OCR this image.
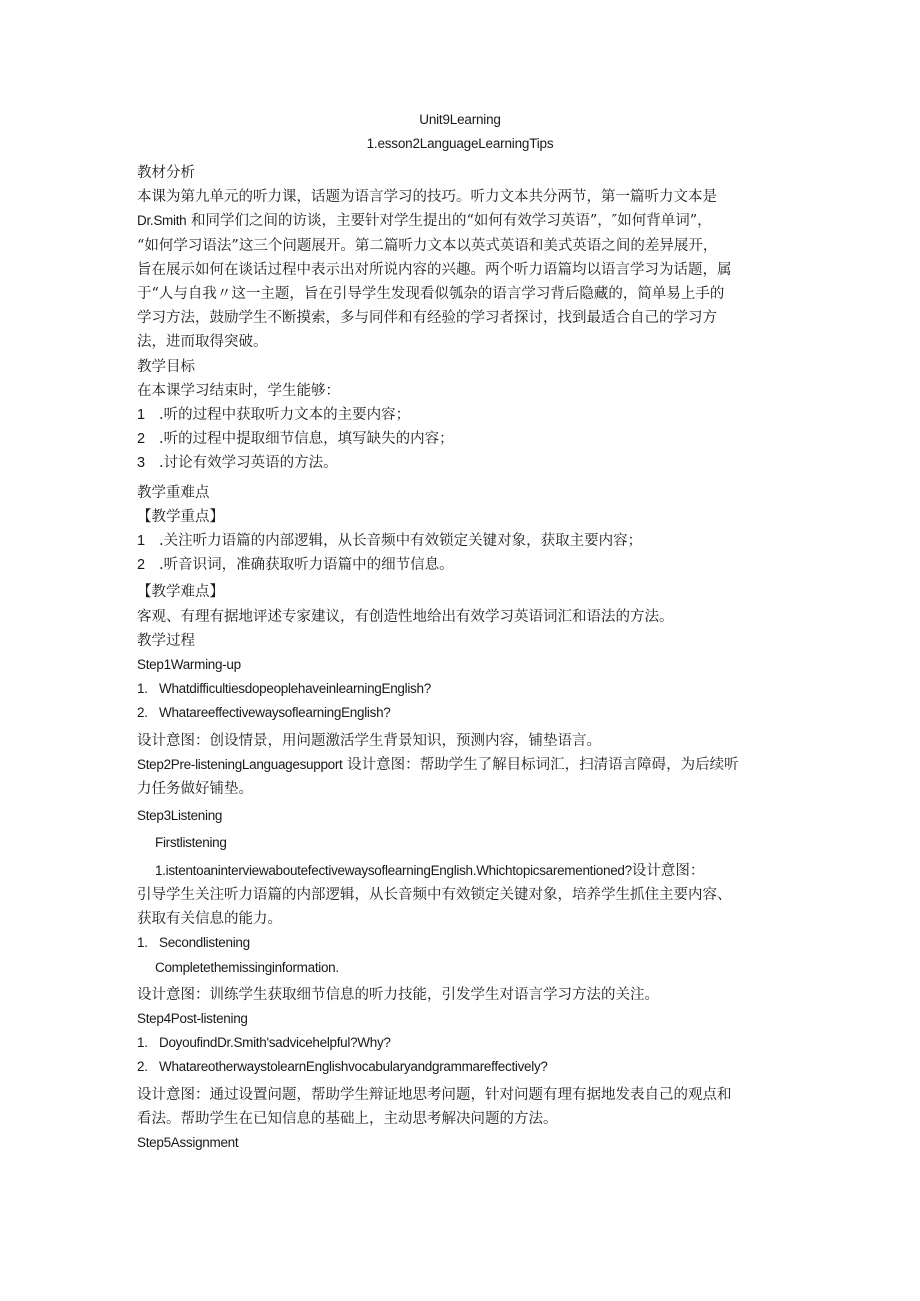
Unit9Learning
1.esson2LanguageLearningTips
教材分析
本课为第九单元的听力课，话题为语言学习的技巧。听力文本共分两节，第一篇听力文本是
Dr.Smith 和同学们之间的访谈，主要针对学生提出的“如何有效学习英语”，″如何背单词”，
“如何学习语法”这三个问题展开。第二篇听力文本以英式英语和美式英语之间的差异展开，
旨在展示如何在谈话过程中表示出对所说内容的兴趣。两个听力语篇均以语言学习为话题，属
于“人与自我〃这一主题，旨在引导学生发现看似瓠杂的语言学习背后隐藏的，简单易上手的
学习方法，鼓励学生不断摸索，多与同伴和有经验的学习者探讨，找到最适合自己的学习方
法，进而取得突破。
教学目标
在本课学习结束时，学生能够：
1 .听的过程中获取听力文本的主要内容；
2 .听的过程中提取细节信息，填写缺失的内容；
3 .讨论有效学习英语的方法。
教学重难点
【教学重点】
1 .关注听力语篇的内部逻辑，从长音频中有效锁定关键对象，获取主要内容；
2 .听音识词，准确获取听力语篇中的细节信息。
【教学难点】
客观、有理有据地评述专家建议，有创造性地给出有效学习英语词汇和语法的方法。
教学过程
Step1Warming-up
1. WhatdifficultiesdopeoplehaveinlearningEnglish?
2. WhatareeffectivewaysoflearningEnglish?
设计意图：创设情景，用问题激活学生背景知识，预测内容，铺垫语言。
Step2Pre-listeningLanguagesupport 设计意图：帮助学生了解目标词汇，扫清语言障碍，为后续听
力任务做好铺垫。
Step3Listening
Firstlistening
1.istentoaninterviewaboutefectivewaysoflearningEnglish.Whichtopicsarementioned?设计意图：
引导学生关注听力语篇的内部逻辑，从长音频中有效锁定关键对象，培养学生抓住主要内容、
获取有关信息的能力。
1. Secondlistening
Completethemissinginformation.
设计意图：训练学生获取细节信息的听力技能，引发学生对语言学习方法的关注。
Step4Post-listening
1. DoyoufindDr.Smith'sadvicehelpful?Why?
2. WhatareotherwaystolearnEnglishvocabularyandgrammareffectively?
设计意图：通过设置问题，帮助学生辩证地思考问题，针对问题有理有据地发表自己的观点和
看法。帮助学生在已知信息的基础上，主动思考解决问题的方法。
Step5Assignment
